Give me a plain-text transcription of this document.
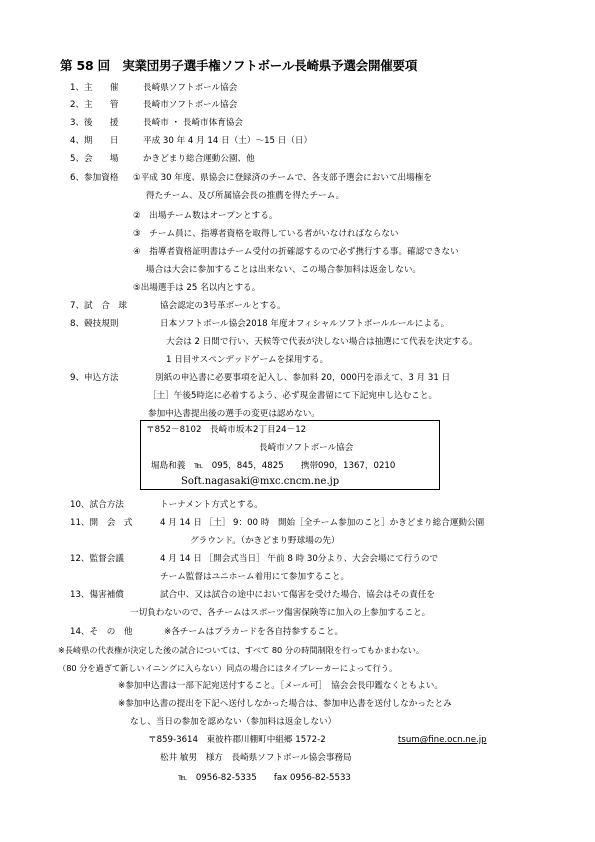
第 58 回　実業団男子選手権ソフトボール長崎県予選会開催要項
1、主　　催	長崎県ソフトボール協会
2、主　　管	長崎市ソフトボール協会
3、後　　援	長崎市 ・ 長崎市体育協会
4、期　　日	平成 30 年 4 月 14 日（土）～15 日（日）
5、会　　場	かきどまり総合運動公園、他
6、参加資格 ①平成 30 年度、県協会に登録済のチームで、各支部予選会において出場権を
得たチーム、及び所属協会長の推薦を得たチーム。
②　出場チーム数はオープンとする。
③　チーム員に、指導者資格を取得している者がいなければならない
④　指導者資格証明書はチーム受付の折確認するので必ず携行する事。確認できない
場合は大会に参加することは出来ない、この場合参加料は返金しない。
⑤出場選手は 25 名以内とする。
7、試　合　球	協会認定の3号革ボールとする。
8、競技規則	日本ソフトボール協会2018 年度オフィシャルソフトボールルールによる。
大会は 2 日間で行い、天候等で代表が決しない場合は抽選にて代表を決定する。
1 日目サスペンデッドゲームを採用する。
9、申込方法	別紙の申込書に必要事項を記入し、参加料 20，000円を添えて、3 月 31 日
［土］午後5時迄に必着するよう、必ず現金書留にて下記宛申し込むこと。
参加申込書提出後の選手の変更は認めない。
〒852－8102　長崎市坂本2丁目24－12
長崎市ソフトボール協会
堀島和義　℡　095，845，4825　　携帯090，1367，0210
Soft.nagasaki@mxc.cncm.ne.jp
10、試合方法	トーナメント方式とする。
11、開　会　式	4 月 14 日 ［土］ 9：00 時　開始［全チーム参加のこと］かきどまり総合運動公園
グラウンド。（かきどまり野球場の先）
12、監督会議	4 月 14 日 ［開会式当日］ 午前 8 時 30分より、大会会場にて行うので
チーム監督はユニホーム着用にて参加すること。
13、傷害補償	試合中、又は試合の途中において傷害を受けた場合、協会はその責任を
一切負わないので、各チームはスポーツ傷害保険等に加入の上参加すること。
14、そ　の　他	※各チームはプラカードを各自持参すること。
※長崎県の代表権が決定した後の試合については、すべて 80 分の時間制限を行ってもかまわない。
（80 分を過ぎて新しいイニングに入らない）同点の場合にはタイブレーカーによって行う。
※参加申込書は一部下記宛送付すること。［メール可］　協会会長印鑑なくともよい。
※参加申込書の提出を下記へ送付しなかった場合は、参加申込書を送付しなかったとみ
なし、当日の参加を認めない（参加料は返金しない）
〒859-3614　東彼杵郡川棚町中組郷 1572-2	tsum@fine.ocn.ne.jp
松井 敏男　様方　長崎県ソフトボール協会事務局
℡　0956-82-5335　　fax 0956-82-5533
